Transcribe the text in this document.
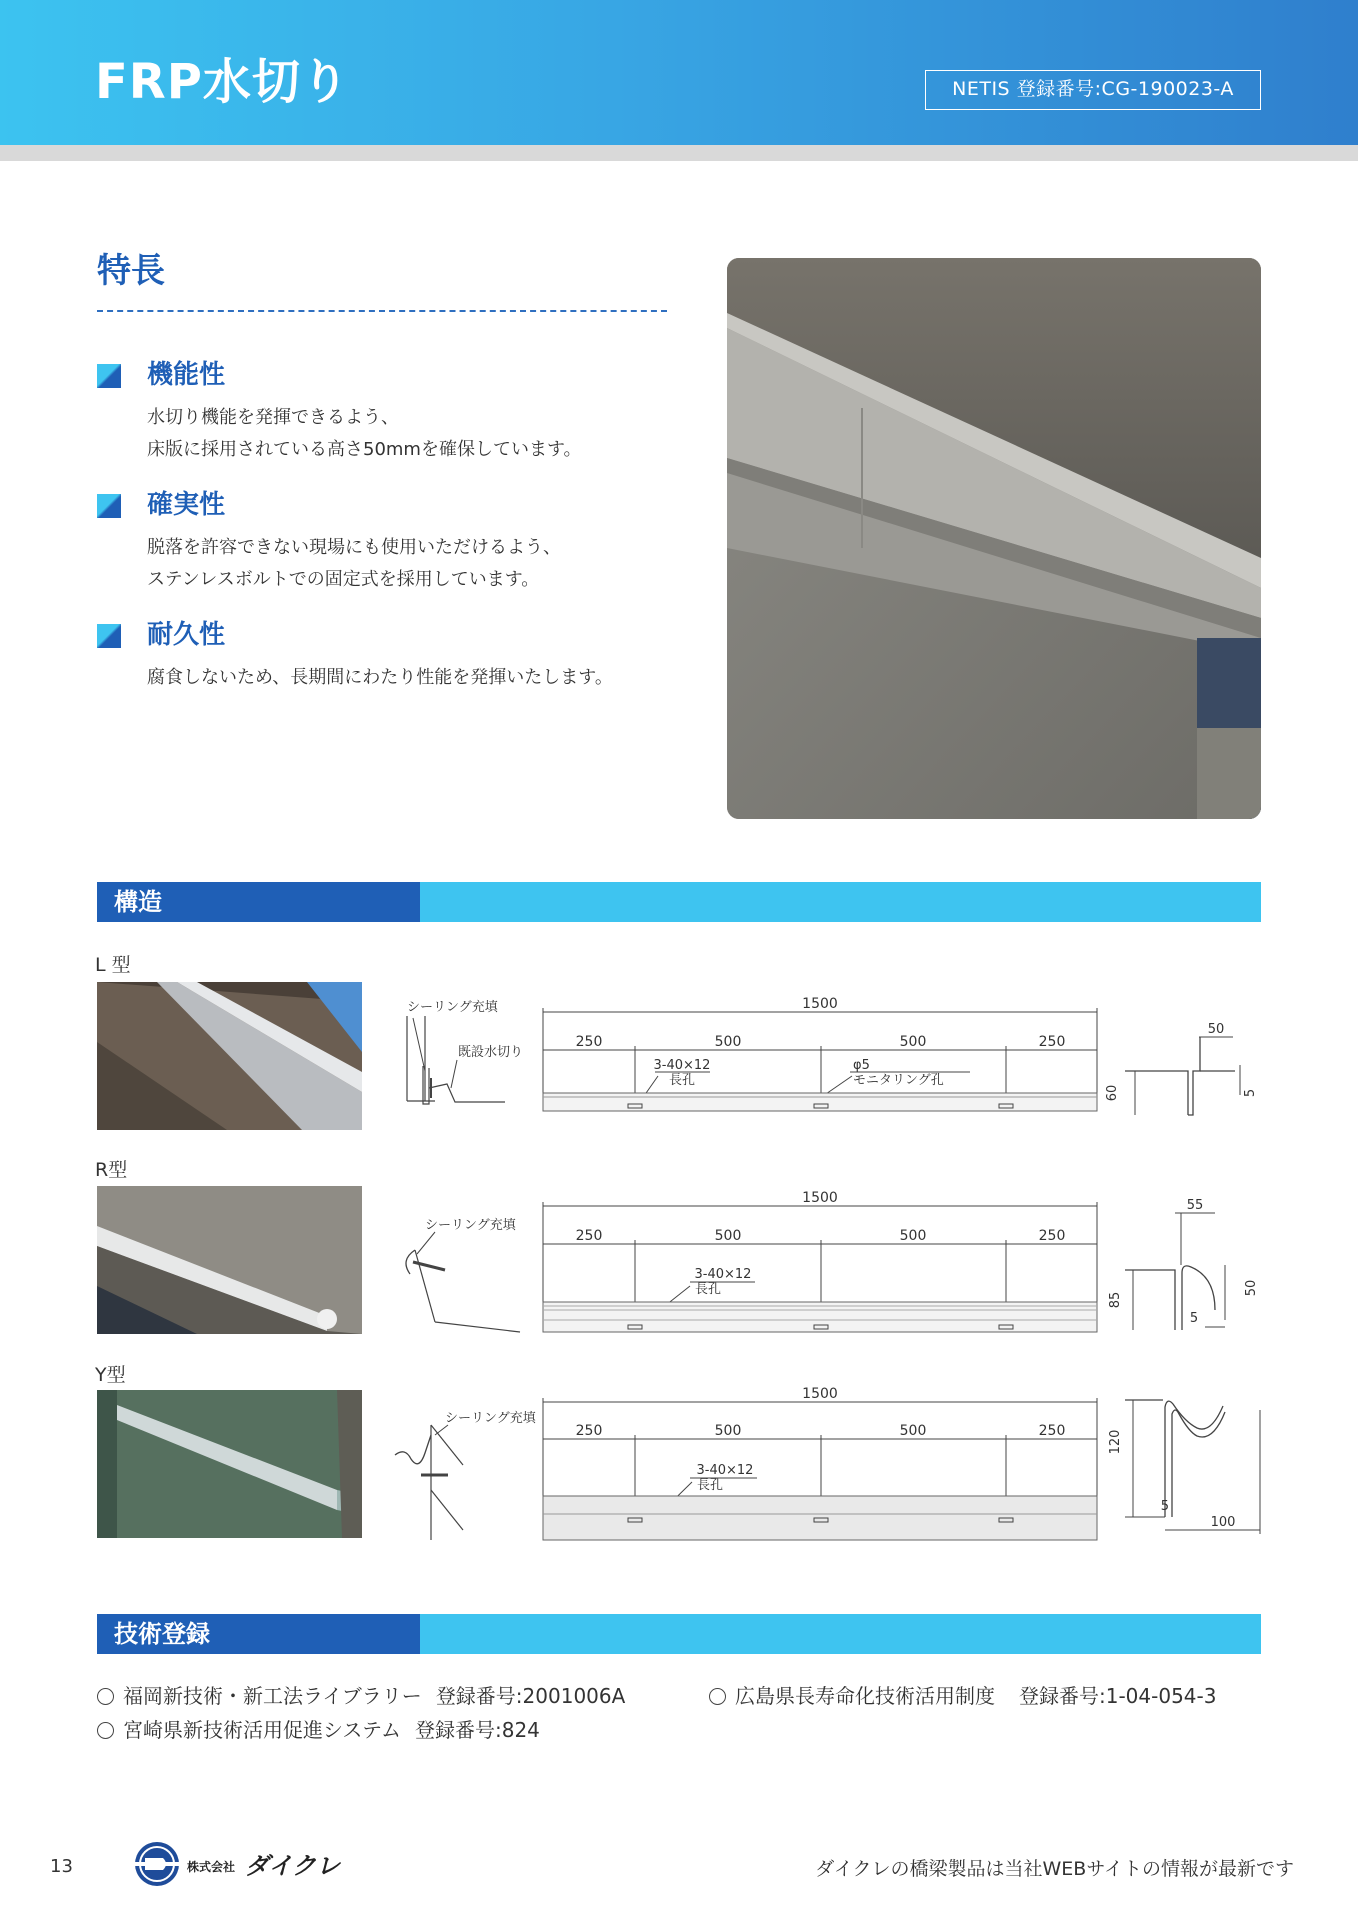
FRP水切り	NETIS 登録番号:CG-190023-A
特長
機能性
水切り機能を発揮できるよう、
床版に採用されている高さ50mmを確保しています。
確実性
脱落を許容できない現場にも使用いただけるよう、
ステンレスボルトでの固定式を採用しています。
耐久性
腐食しないため、長期間にわたり性能を発揮いたします。
構造
L 型
R型
Y型
シーリング充填
既設水切り
1500
250	500	500	250
3-40×12
長孔
φ5
モニタリング孔
50
60	5
シーリング充填
1500
250	500	500	250
3-40×12
長孔
55
85
50
5
シーリング充填
1500
250	500	500	250
3-40×12
長孔
120
5
100
技術登録
福岡新技術・新工法ライブラリー 登録番号:2001006A	広島県長寿命化技術活用制度 登録番号:1-04-054-3
宮崎県新技術活用促進システム 登録番号:824
13	株式会社 ダイクレ	ダイクレの橋梁製品は当社WEBサイトの情報が最新です
